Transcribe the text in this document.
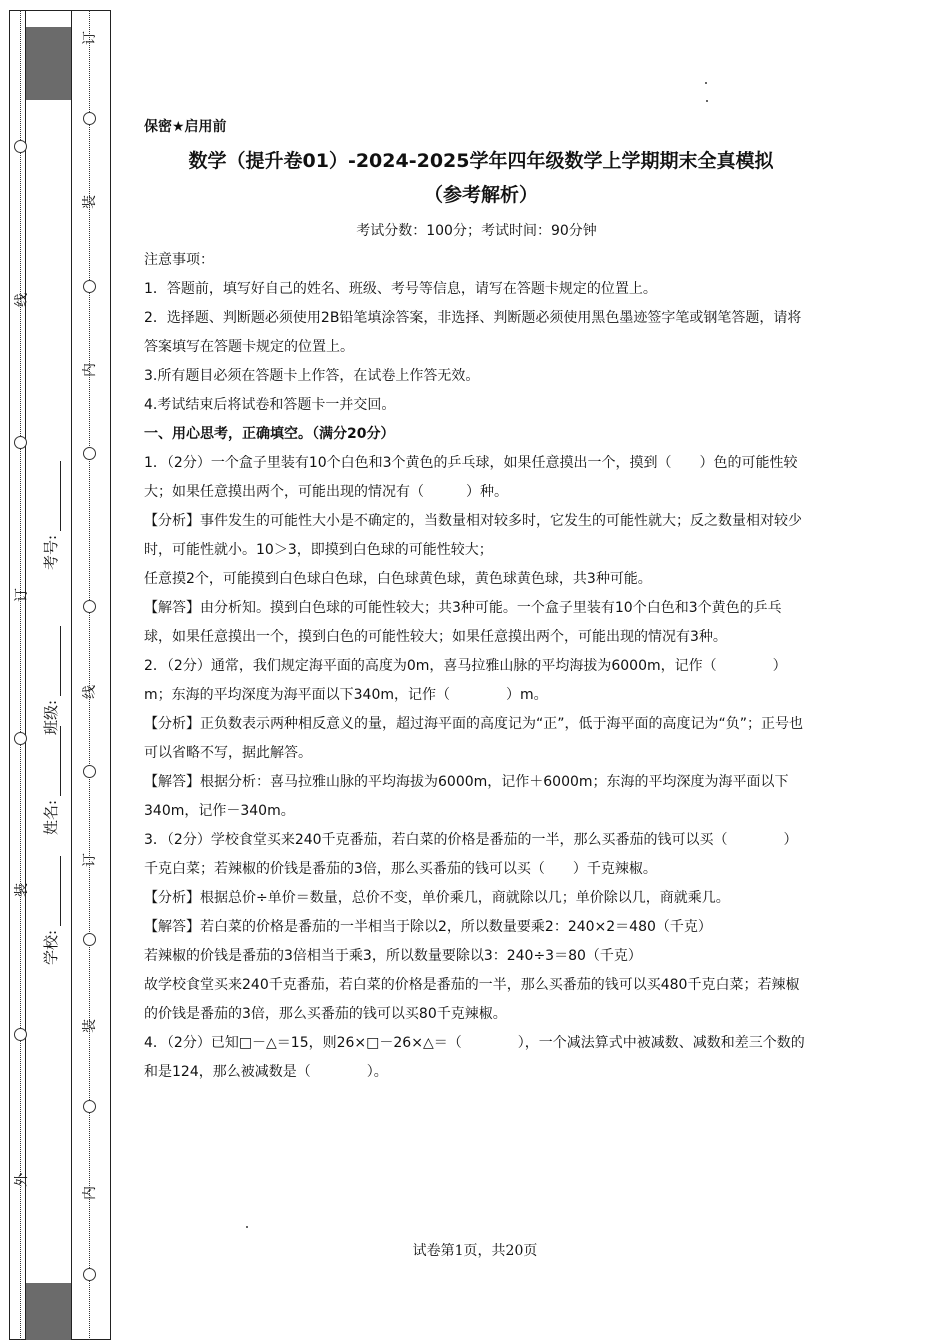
线
订
装
外
订
装
内
线
订
装
内
考号:
班级:
姓名:
学校:
保密★启用前
数学（提升卷01）-2024-2025学年四年级数学上学期期末全真模拟
（参考解析）
考试分数：100分；考试时间：90分钟

注意事项：

1．答题前，填写好自己的姓名、班级、考号等信息，请写在答题卡规定的位置上。

2．选择题、判断题必须使用2B铅笔填涂答案，非选择、判断题必须使用黑色墨迹签字笔或钢笔答题，请将答案填写在答题卡规定的位置上。

3.所有题目必须在答题卡上作答，在试卷上作答无效。

4.考试结束后将试卷和答题卡一并交回。

一、用心思考，正确填空。（满分20分）

1．（2分）一个盒子里装有10个白色和3个黄色的乒乓球，如果任意摸出一个，摸到（　　）色的可能性较大；如果任意摸出两个，可能出现的情况有（　　　）种。

【分析】事件发生的可能性大小是不确定的，当数量相对较多时，它发生的可能性就大；反之数量相对较少时，可能性就小。10＞3，即摸到白色球的可能性较大；

任意摸2个，可能摸到白色球白色球，白色球黄色球，黄色球黄色球，共3种可能。

【解答】由分析知。摸到白色球的可能性较大；共3种可能。一个盒子里装有10个白色和3个黄色的乒乓球，如果任意摸出一个，摸到白色的可能性较大；如果任意摸出两个，可能出现的情况有3种。

2．（2分）通常，我们规定海平面的高度为0m，喜马拉雅山脉的平均海拔为6000m，记作（　　　　）m；东海的平均深度为海平面以下340m，记作（　　　　）m。

【分析】正负数表示两种相反意义的量，超过海平面的高度记为“正”，低于海平面的高度记为“负”；正号也可以省略不写，据此解答。

【解答】根据分析：喜马拉雅山脉的平均海拔为6000m，记作＋6000m；东海的平均深度为海平面以下340m，记作－340m。

3．（2分）学校食堂买来240千克番茄，若白菜的价格是番茄的一半，那么买番茄的钱可以买（　　　　）千克白菜；若辣椒的价钱是番茄的3倍，那么买番茄的钱可以买（　　）千克辣椒。

【分析】根据总价÷单价＝数量，总价不变，单价乘几，商就除以几；单价除以几，商就乘几。

【解答】若白菜的价格是番茄的一半相当于除以2，所以数量要乘2：240×2＝480（千克）

若辣椒的价钱是番茄的3倍相当于乘3，所以数量要除以3：240÷3＝80（千克）

故学校食堂买来240千克番茄，若白菜的价格是番茄的一半，那么买番茄的钱可以买480千克白菜；若辣椒的价钱是番茄的3倍，那么买番茄的钱可以买80千克辣椒。

4．（2分）已知□－△＝15，则26×□－26×△＝（　　　　），一个减法算式中被减数、减数和差三个数的和是124，那么被减数是（　　　　）。

试卷第1页，共20页
